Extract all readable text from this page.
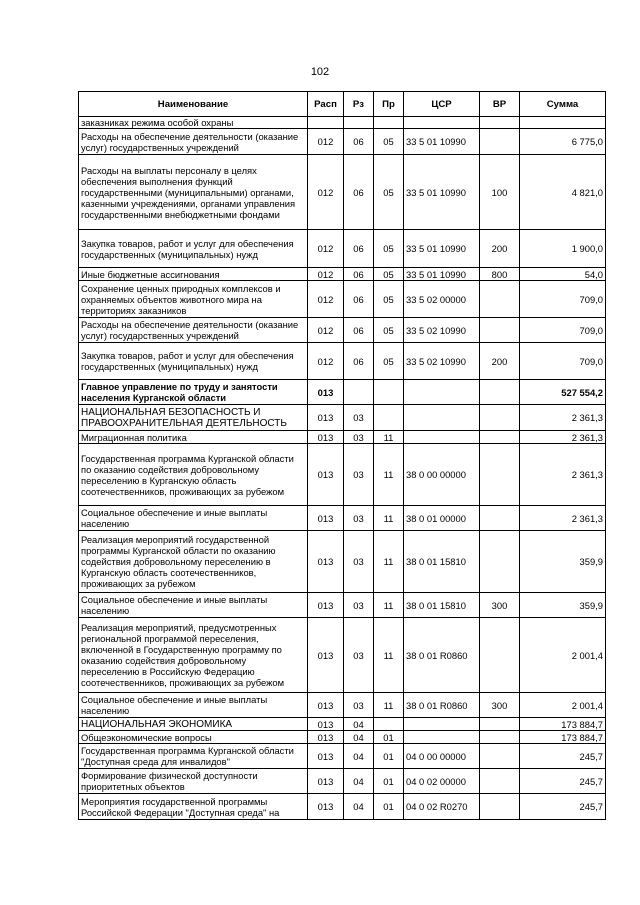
102
Наименование	Расп	Рз	Пр	ЦСР	ВР	Сумма
заказниках режима особой охраны						
Расходы на обеспечение деятельности (оказание услуг) государственных учреждений	012	06	05	33 5 01 10990		6 775,0
Расходы на выплаты персоналу в целях обеспечения выполнения функций государственными (муниципальными) органами, казенными учреждениями, органами управления государственными внебюджетными фондами	012	06	05	33 5 01 10990	100	4 821,0
Закупка товаров, работ и услуг для обеспечения государственных (муниципальных) нужд	012	06	05	33 5 01 10990	200	1 900,0
Иные бюджетные ассигнования	012	06	05	33 5 01 10990	800	54,0
Сохранение ценных природных комплексов и охраняемых объектов животного мира на территориях заказников	012	06	05	33 5 02 00000		709,0
Расходы на обеспечение деятельности (оказание услуг) государственных учреждений	012	06	05	33 5 02 10990		709,0
Закупка товаров, работ и услуг для обеспечения государственных (муниципальных) нужд	012	06	05	33 5 02 10990	200	709,0
Главное управление по труду и занятости населения Курганской области	013					527 554,2
НАЦИОНАЛЬНАЯ БЕЗОПАСНОСТЬ И ПРАВООХРАНИТЕЛЬНАЯ ДЕЯТЕЛЬНОСТЬ	013	03				2 361,3
Миграционная политика	013	03	11			2 361,3
Государственная программа Курганской области по оказанию содействия добровольному переселению в Курганскую область соотечественников, проживающих за рубежом	013	03	11	38 0 00 00000		2 361,3
Социальное обеспечение и иные выплаты населению	013	03	11	38 0 01 00000		2 361,3
Реализация мероприятий государственной программы Курганской области по оказанию содействия добровольному переселению в Курганскую область соотечественников, проживающих за рубежом	013	03	11	38 0 01 15810		359,9
Социальное обеспечение и иные выплаты населению	013	03	11	38 0 01 15810	300	359,9
Реализация мероприятий, предусмотренных региональной программой переселения, включенной в Государственную программу по оказанию содействия добровольному переселению в Российскую Федерацию соотечественников, проживающих за рубежом	013	03	11	38 0 01 R0860		2 001,4
Социальное обеспечение и иные выплаты населению	013	03	11	38 0 01 R0860	300	2 001,4
НАЦИОНАЛЬНАЯ ЭКОНОМИКА	013	04				173 884,7
Общеэкономические вопросы	013	04	01			173 884,7
Государственная программа Курганской области "Доступная среда для инвалидов"	013	04	01	04 0 00 00000		245,7
Формирование физической доступности приоритетных объектов	013	04	01	04 0 02 00000		245,7
Мероприятия государственной программы Российской Федерации "Доступная среда" на	013	04	01	04 0 02 R0270		245,7
